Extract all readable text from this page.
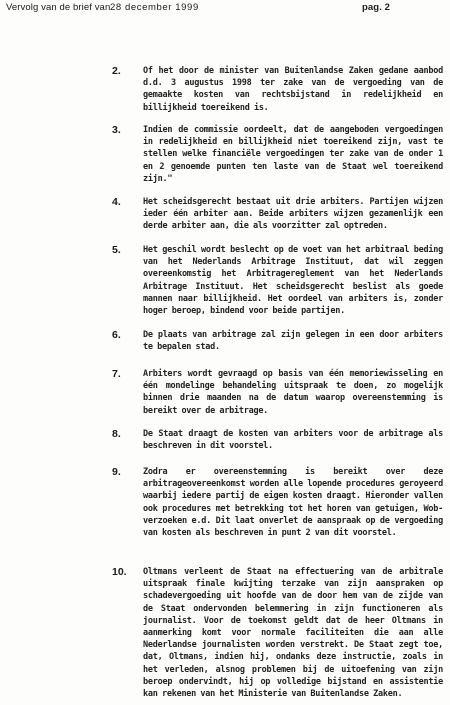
Vervolg van de brief van 28 december 1999	pag. 2
2.	Of het door de minister van Buitenlandse Zaken gedane aanbod d.d. 3 augustus 1998 ter zake van de vergoeding van de gemaakte kosten van rechtsbijstand in redelijkheid en billijkheid toereikend is.
3.	Indien de commissie oordeelt, dat de aangeboden vergoedingen in redelijkheid en billijkheid niet toereikend zijn, vast te stellen welke financiële vergoedingen ter zake van de onder 1 en 2 genoemde punten ten laste van de Staat wel toereikend zijn."
4.	Het scheidsgerecht bestaat uit drie arbiters. Partijen wijzen ieder één arbiter aan. Beide arbiters wijzen gezamenlijk een derde arbiter aan, die als voorzitter zal optreden.
5.	Het geschil wordt beslecht op de voet van het arbitraal beding van het Nederlands Arbitrage Instituut, dat wil zeggen overeenkomstig het Arbitragereglement van het Nederlands Arbitrage Instituut. Het scheidsgerecht beslist als goede mannen naar billijkheid. Het oordeel van arbiters is, zonder hoger beroep, bindend voor beide partijen.
6.	De plaats van arbitrage zal zijn gelegen in een door arbiters te bepalen stad.
7.	Arbiters wordt gevraagd op basis van één memoriewisseling en één mondelinge behandeling uitspraak te doen, zo mogelijk binnen drie maanden na de datum waarop overeenstemming is bereikt over de arbitrage.
8.	De Staat draagt de kosten van arbiters voor de arbitrage als beschreven in dit voorstel.
9.	Zodra er overeenstemming is bereikt over deze arbitrageovereenkomst worden alle lopende procedures geroyeerd waarbij iedere partij de eigen kosten draagt. Hieronder vallen ook procedures met betrekking tot het horen van getuigen, Wob-verzoeken e.d. Dit laat onverlet de aanspraak op de vergoeding van kosten als beschreven in punt 2 van dit voorstel.
10.	Oltmans verleent de Staat na effectuering van de arbitrale uitspraak finale kwijting terzake van zijn aanspraken op schadevergoeding uit hoofde van de door hem van de zijde van de Staat ondervonden belemmering in zijn functioneren als journalist. Voor de toekomst geldt dat de heer Oltmans in aanmerking komt voor normale faciliteiten die aan alle Nederlandse journalisten worden verstrekt. De Staat zegt toe, dat, Oltmans, indien hij, ondanks deze instructie, zoals in het verleden, alsnog problemen bij de uitoefening van zijn beroep ondervindt, hij op volledige bijstand en assistentie kan rekenen van het Ministerie van Buitenlandse Zaken.
